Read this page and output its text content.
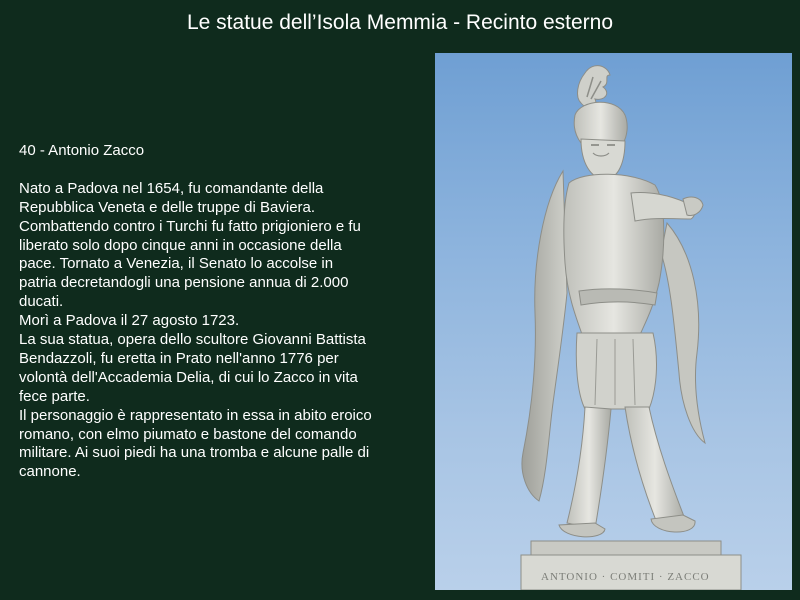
Le statue dell’Isola Memmia - Recinto esterno

40 - Antonio Zacco

Nato a Padova nel 1654, fu comandante della

Repubblica Veneta e delle truppe di Baviera.

Combattendo contro i Turchi fu fatto prigioniero e fu

liberato solo dopo cinque anni in occasione della

pace. Tornato a Venezia, il Senato lo accolse in

patria decretandogli una pensione annua di 2.000

ducati.

Morì a Padova il 27 agosto 1723.

La sua statua, opera dello scultore Giovanni Battista

Bendazzoli, fu eretta in Prato nell'anno 1776 per

volontà dell'Accademia Delia, di cui lo Zacco in vita

fece parte.

Il personaggio è rappresentato in essa in abito eroico

romano, con elmo piumato e bastone del comando

militare. Ai suoi piedi ha una tromba e alcune palle di

cannone.

ANTONIO · COMITI · ZACCO
